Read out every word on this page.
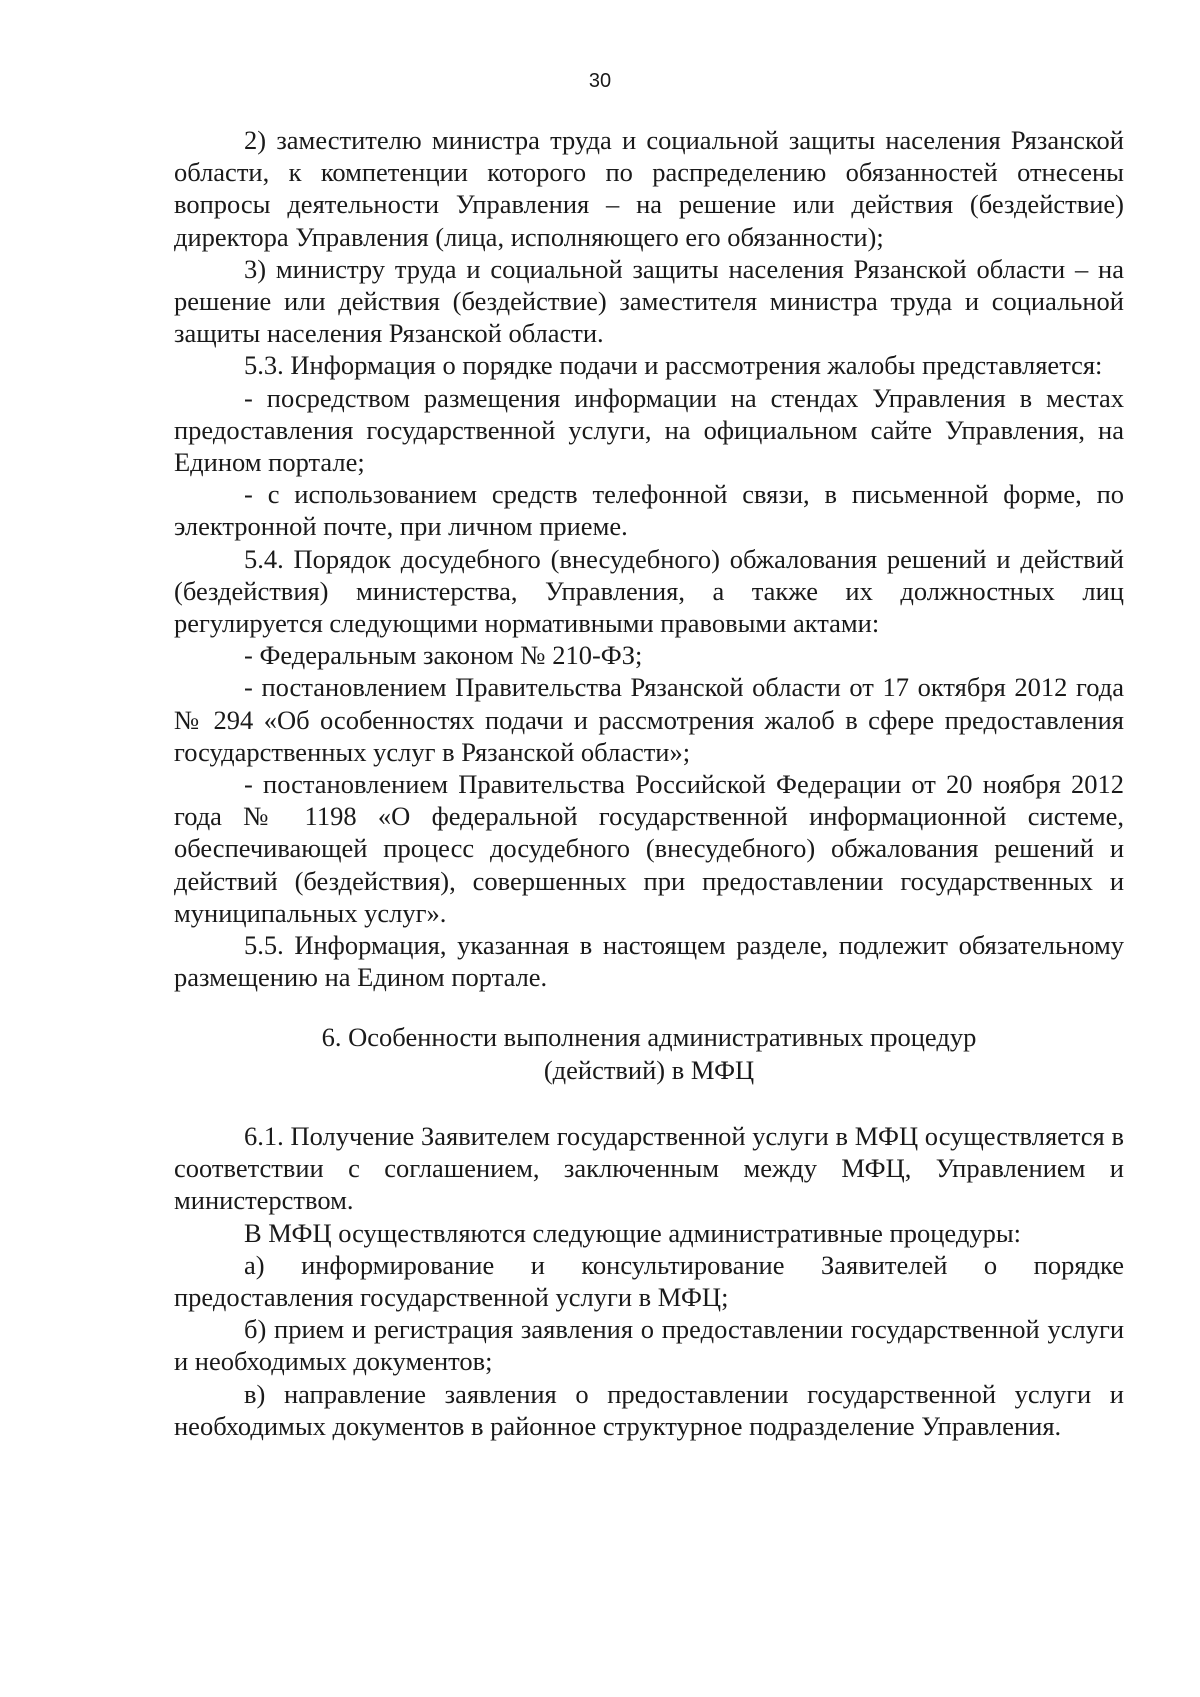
30

2) заместителю министра труда и социальной защиты населения Рязанской области, к компетенции которого по распределению обязанностей отнесены вопросы деятельности Управления – на решение или действия (бездействие) директора Управления (лица, исполняющего его обязанности);

3) министру труда и социальной защиты населения Рязанской области – на решение или действия (бездействие) заместителя министра труда и социальной защиты населения Рязанской области.

5.3. Информация о порядке подачи и рассмотрения жалобы представляется:

- посредством размещения информации на стендах Управления в местах предоставления государственной услуги, на официальном сайте Управления, на Едином портале;

- с использованием средств телефонной связи, в письменной форме, по электронной почте, при личном приеме.

5.4. Порядок досудебного (внесудебного) обжалования решений и действий (бездействия) министерства, Управления, а также их должностных лиц регулируется следующими нормативными правовыми актами:

- Федеральным законом № 210-ФЗ;

- постановлением Правительства Рязанской области от 17 октября 2012 года № 294 «Об особенностях подачи и рассмотрения жалоб в сфере предоставления государственных услуг в Рязанской области»;

- постановлением Правительства Российской Федерации от 20 ноября 2012 года № 1198 «О федеральной государственной информационной системе, обеспечивающей процесс досудебного (внесудебного) обжалования решений и действий (бездействия), совершенных при предоставлении государственных и муниципальных услуг».

5.5. Информация, указанная в настоящем разделе, подлежит обязательному размещению на Едином портале.

6. Особенности выполнения административных процедур
(действий) в МФЦ

6.1. Получение Заявителем государственной услуги в МФЦ осуществляется в соответствии с соглашением, заключенным между МФЦ, Управлением и министерством.

В МФЦ осуществляются следующие административные процедуры:

а) информирование и консультирование Заявителей о порядке предоставления государственной услуги в МФЦ;

б) прием и регистрация заявления о предоставлении государственной услуги и необходимых документов;

в) направление заявления о предоставлении государственной услуги и необходимых документов в районное структурное подразделение Управления.
